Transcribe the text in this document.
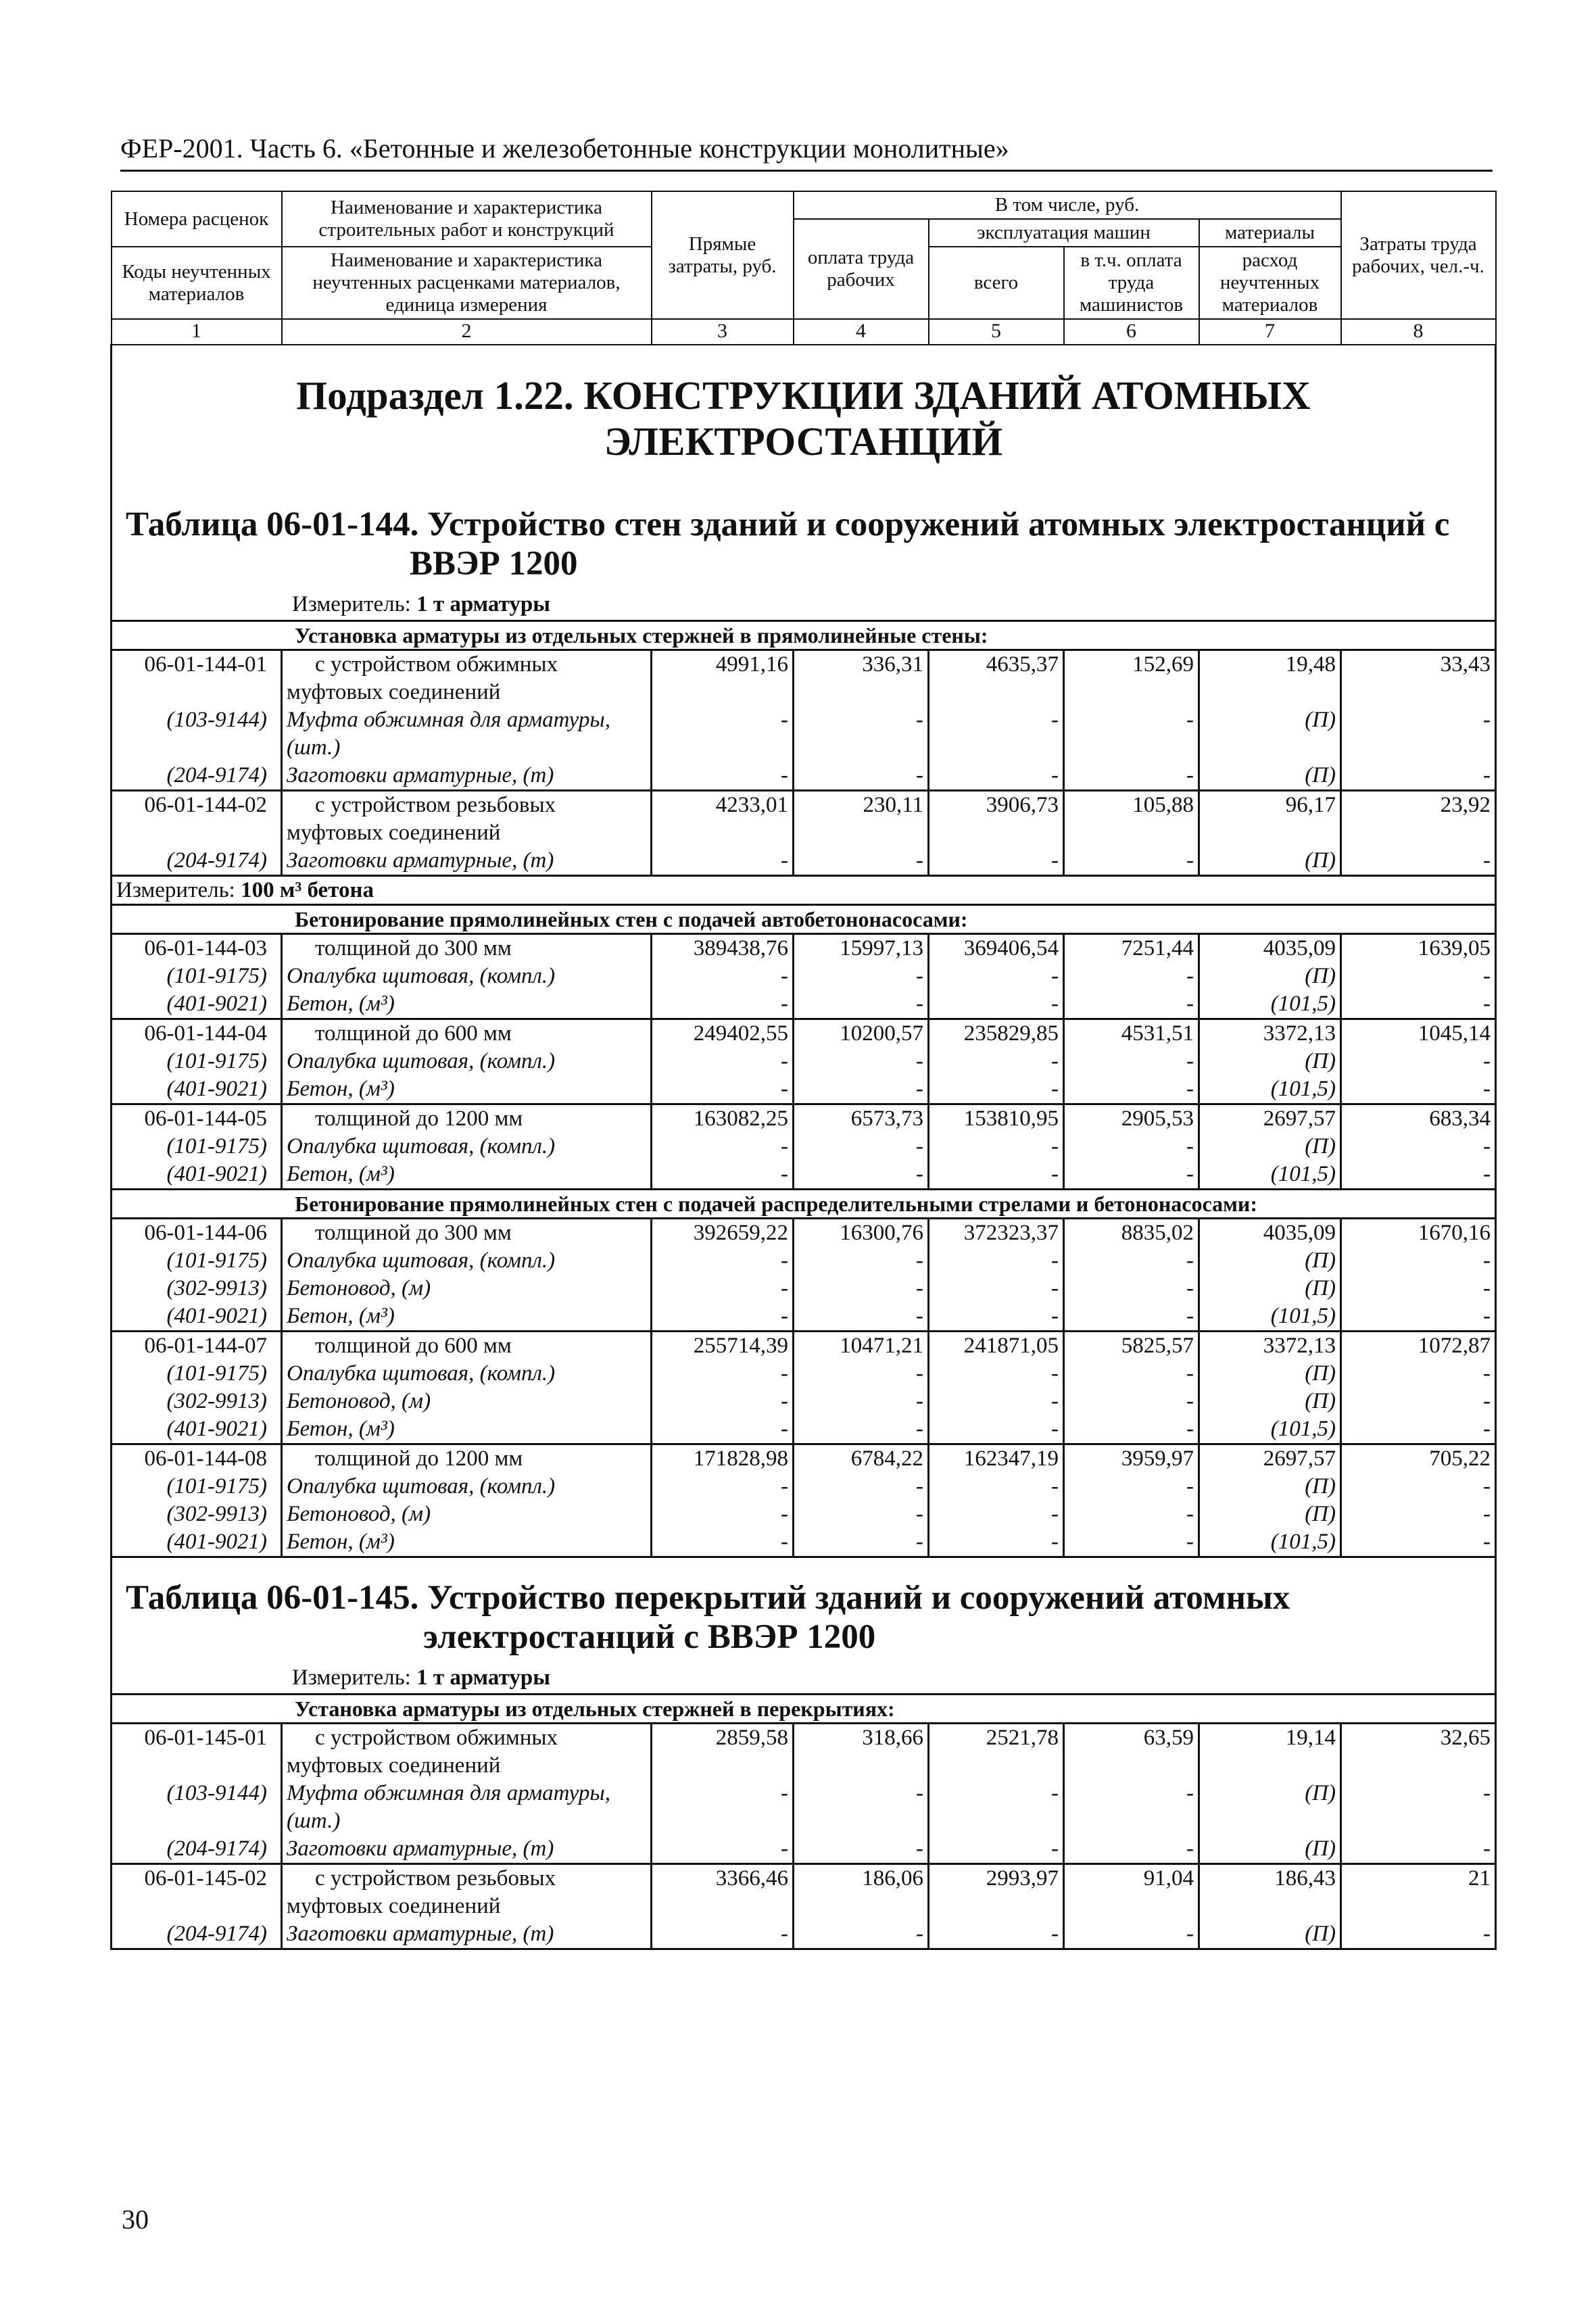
ФЕР-2001. Часть 6. «Бетонные и железобетонные конструкции монолитные»
Номера расценок	Наименование и характеристика строительных работ и конструкций	Прямые затраты, руб.	В том числе, руб.				Затраты труда рабочих, чел.-ч.
			оплата труда рабочих	эксплуатация машин		материалы	
Коды неучтенных материалов	Наименование и характеристика неучтенных расценками материалов, единица измерения			всего	в т.ч. оплата труда машинистов	расход неучтенных материалов	

1	2	3	4	5	6	7	8

Подраздел 1.22. КОНСТРУКЦИИ ЗДАНИЙ АТОМНЫХ ЭЛЕКТРОСТАНЦИЙ
Таблица 06-01-144. Устройство стен зданий и сооружений атомных электростанций с
ВВЭР 1200
Измеритель: 1 т арматуры							

Установка арматуры из отдельных стержней в прямолинейные стены:							
06-01-144-01	с устройством обжимных	4991,16	336,31	4635,37	152,69	19,48	33,43
	муфтовых соединений						
(103-9144)	Муфта обжимная для арматуры,	-	-	-	-	(П)	-
	(шт.)						
(204-9174)	Заготовки арматурные, (т)	-	-	-	-	(П)	-
06-01-144-02	с устройством резьбовых	4233,01	230,11	3906,73	105,88	96,17	23,92
	муфтовых соединений						
(204-9174)	Заготовки арматурные, (т)	-	-	-	-	(П)	-
Измеритель: 100 м³ бетона							
Бетонирование прямолинейных стен с подачей автобетононасосами:							
06-01-144-03	толщиной до 300 мм	389438,76	15997,13	369406,54	7251,44	4035,09	1639,05
(101-9175)	Опалубка щитовая, (компл.)	-	-	-	-	(П)	-
(401-9021)	Бетон, (м³)	-	-	-	-	(101,5)	-
06-01-144-04	толщиной до 600 мм	249402,55	10200,57	235829,85	4531,51	3372,13	1045,14
(101-9175)	Опалубка щитовая, (компл.)	-	-	-	-	(П)	-
(401-9021)	Бетон, (м³)	-	-	-	-	(101,5)	-
06-01-144-05	толщиной до 1200 мм	163082,25	6573,73	153810,95	2905,53	2697,57	683,34
(101-9175)	Опалубка щитовая, (компл.)	-	-	-	-	(П)	-
(401-9021)	Бетон, (м³)	-	-	-	-	(101,5)	-
Бетонирование прямолинейных стен с подачей распределительными стрелами и бетононасосами:							
06-01-144-06	толщиной до 300 мм	392659,22	16300,76	372323,37	8835,02	4035,09	1670,16
(101-9175)	Опалубка щитовая, (компл.)	-	-	-	-	(П)	-
(302-9913)	Бетоновод, (м)	-	-	-	-	(П)	-
(401-9021)	Бетон, (м³)	-	-	-	-	(101,5)	-
06-01-144-07	толщиной до 600 мм	255714,39	10471,21	241871,05	5825,57	3372,13	1072,87
(101-9175)	Опалубка щитовая, (компл.)	-	-	-	-	(П)	-
(302-9913)	Бетоновод, (м)	-	-	-	-	(П)	-
(401-9021)	Бетон, (м³)	-	-	-	-	(101,5)	-
06-01-144-08	толщиной до 1200 мм	171828,98	6784,22	162347,19	3959,97	2697,57	705,22
(101-9175)	Опалубка щитовая, (компл.)	-	-	-	-	(П)	-
(302-9913)	Бетоновод, (м)	-	-	-	-	(П)	-
(401-9021)	Бетон, (м³)	-	-	-	-	(101,5)	-

Таблица 06-01-145. Устройство перекрытий зданий и сооружений атомных
электростанций с ВВЭР 1200
Измеритель: 1 т арматуры							

Установка арматуры из отдельных стержней в перекрытиях:							
06-01-145-01	с устройством обжимных	2859,58	318,66	2521,78	63,59	19,14	32,65
	муфтовых соединений						
(103-9144)	Муфта обжимная для арматуры,	-	-	-	-	(П)	-
	(шт.)						
(204-9174)	Заготовки арматурные, (т)	-	-	-	-	(П)	-
06-01-145-02	с устройством резьбовых	3366,46	186,06	2993,97	91,04	186,43	21
	муфтовых соединений						
(204-9174)	Заготовки арматурные, (т)	-	-	-	-	(П)	-
30
